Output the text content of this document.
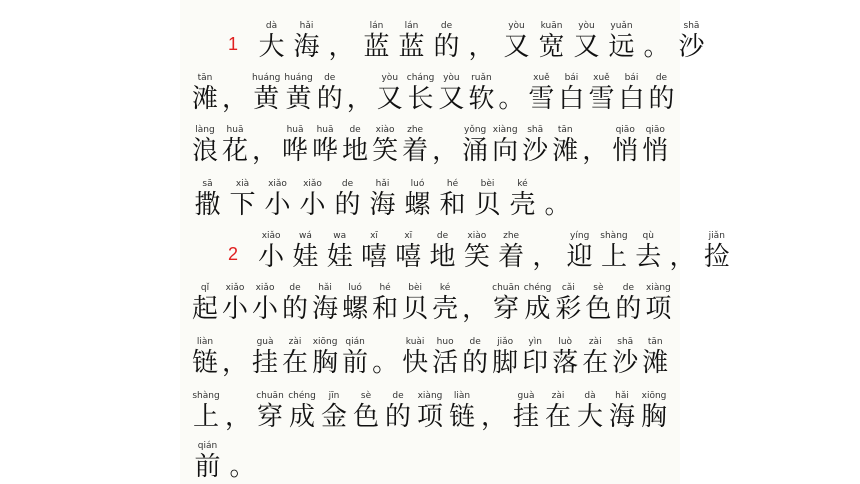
1
dà
大
hǎi
海 ，
lán
蓝
lán
蓝
de
的 ，
yòu
又
kuān
宽
yòu
又
yuǎn
远 。
shā
沙
tān
滩 ，
huáng
黄
huáng
黄
de
的 ，
yòu
又
cháng
长
yòu
又
ruǎn
软 。
xuě
雪
bái
白
xuě
雪
bái
白
de
的
làng
浪
huā
花 ，
huā
哗
huā
哗
de
地
xiào
笑
zhe
着 ，
yǒng
涌
xiàng
向
shā
沙
tān
滩 ，
qiāo
悄
qiāo
悄
sā
撒
xià
下
xiǎo
小
xiǎo
小
de
的
hǎi
海
luó
螺
hé
和
bèi
贝
ké
壳 。
2
xiǎo
小
wá
娃
wa
娃
xī
嘻
xī
嘻
de
地
xiào
笑
zhe
着 ，
yíng
迎
shàng
上
qù
去 ，
jiǎn
捡
qǐ
起
xiǎo
小
xiǎo
小
de
的
hǎi
海
luó
螺
hé
和
bèi
贝
ké
壳 ，
chuān
穿
chéng
成
cǎi
彩
sè
色
de
的
xiàng
项
liàn
链 ，
guà
挂
zài
在
xiōng
胸
qián
前 。
kuài
快
huo
活
de
的
jiǎo
脚
yìn
印
luò
落
zài
在
shā
沙
tān
滩
shàng
上 ，
chuān
穿
chéng
成
jīn
金
sè
色
de
的
xiàng
项
liàn
链 ，
guà
挂
zài
在
dà
大
hǎi
海
xiōng
胸
qián
前 。
